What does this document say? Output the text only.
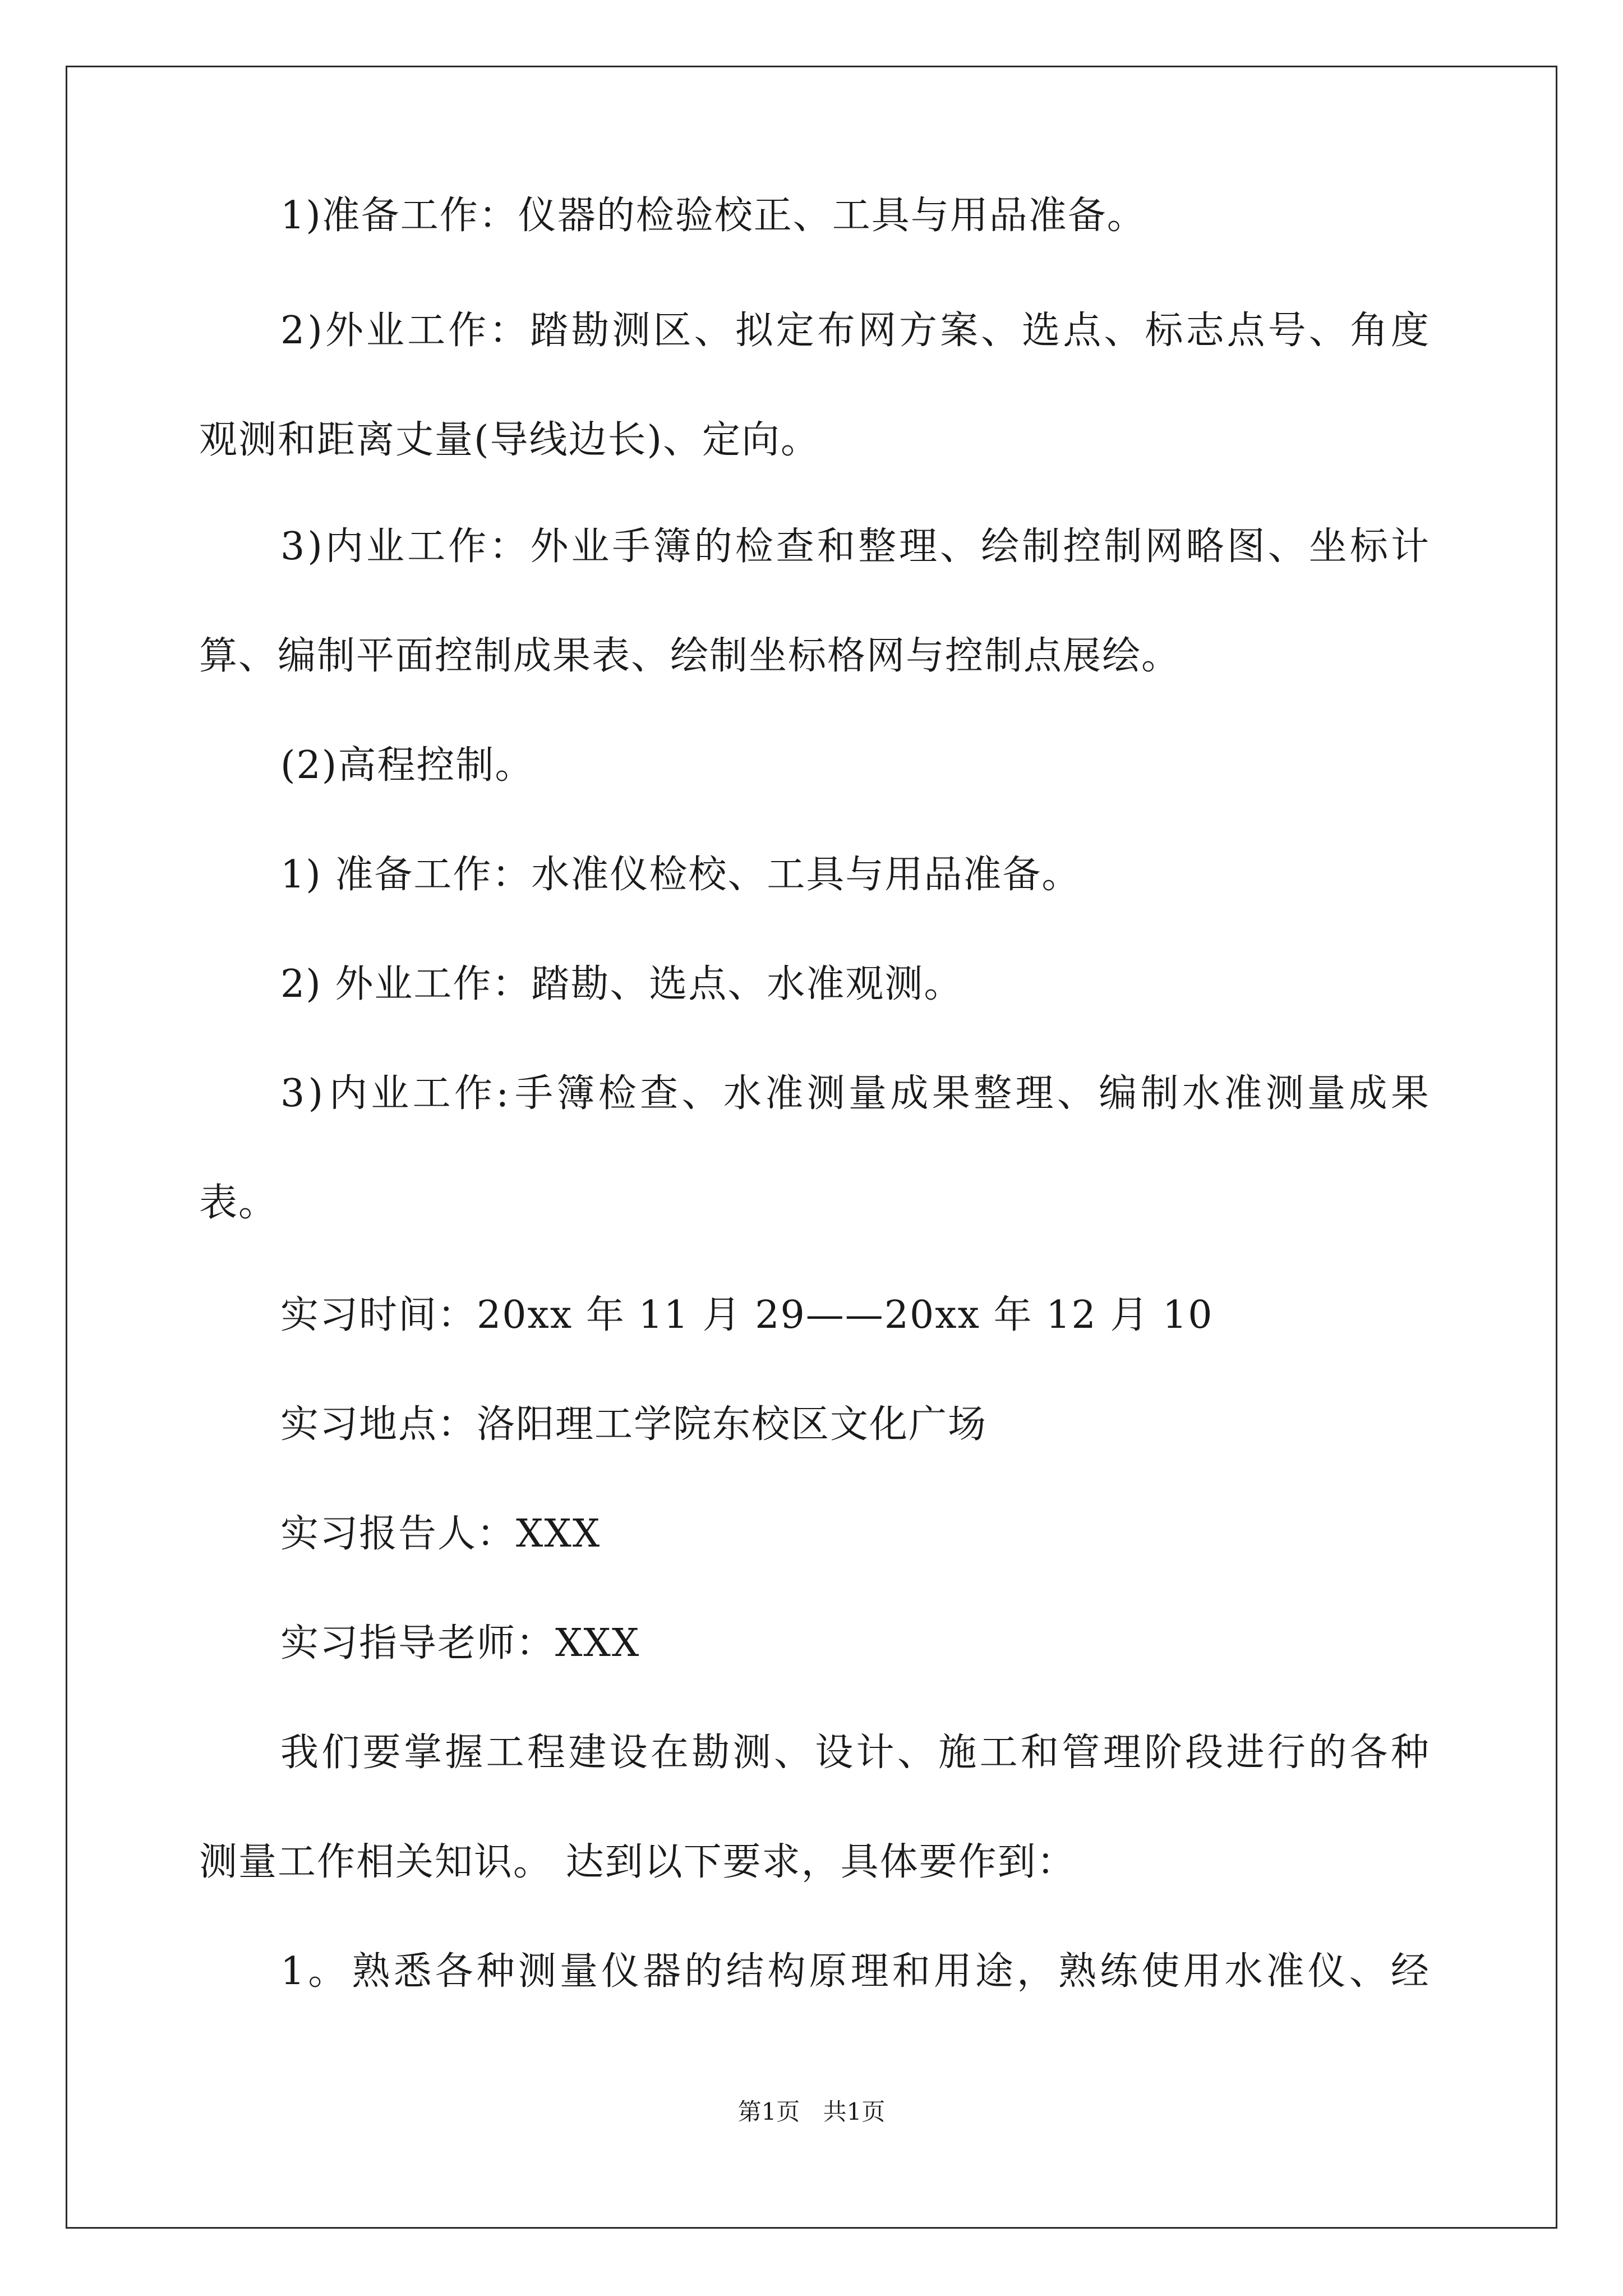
1)准备工作：仪器的检验校正、工具与用品准备。
2 ) 外 业 工 作 ： 踏 勘 测 区 、 拟 定 布 网 方 案 、 选 点 、 标 志 点 号 、 角 度
观测和距离丈量(导线边长)、定向。
3 ) 内 业 工 作 ： 外 业 手 簿 的 检 查 和 整 理 、 绘 制 控 制 网 略 图 、 坐 标 计
算、编制平面控制成果表、绘制坐标格网与控制点展绘。
(2)高程控制。
1) 准备工作：水准仪检校、工具与用品准备。
2) 外业工作：踏勘、选点、水准观测。
3 ) 内 业 工 作 : 手 簿 检 查 、 水 准 测 量 成 果 整 理 、 编 制 水 准 测 量 成 果
表。
实习时间：20xx 年 11 月 29——20xx 年 12 月 10
实习地点：洛阳理工学院东校区文化广场
实习报告人：XXX
实习指导老师：XXX
我 们 要 掌 握 工 程 建 设 在 勘 测 、 设 计 、 施 工 和 管 理 阶 段 进 行 的 各 种
测量工作相关知识。 达到以下要求，具体要作到：
1 。 熟 悉 各 种 测 量 仪 器 的 结 构 原 理 和 用 途 ， 熟 练 使 用 水 准 仪 、 经
第1页 共1页
